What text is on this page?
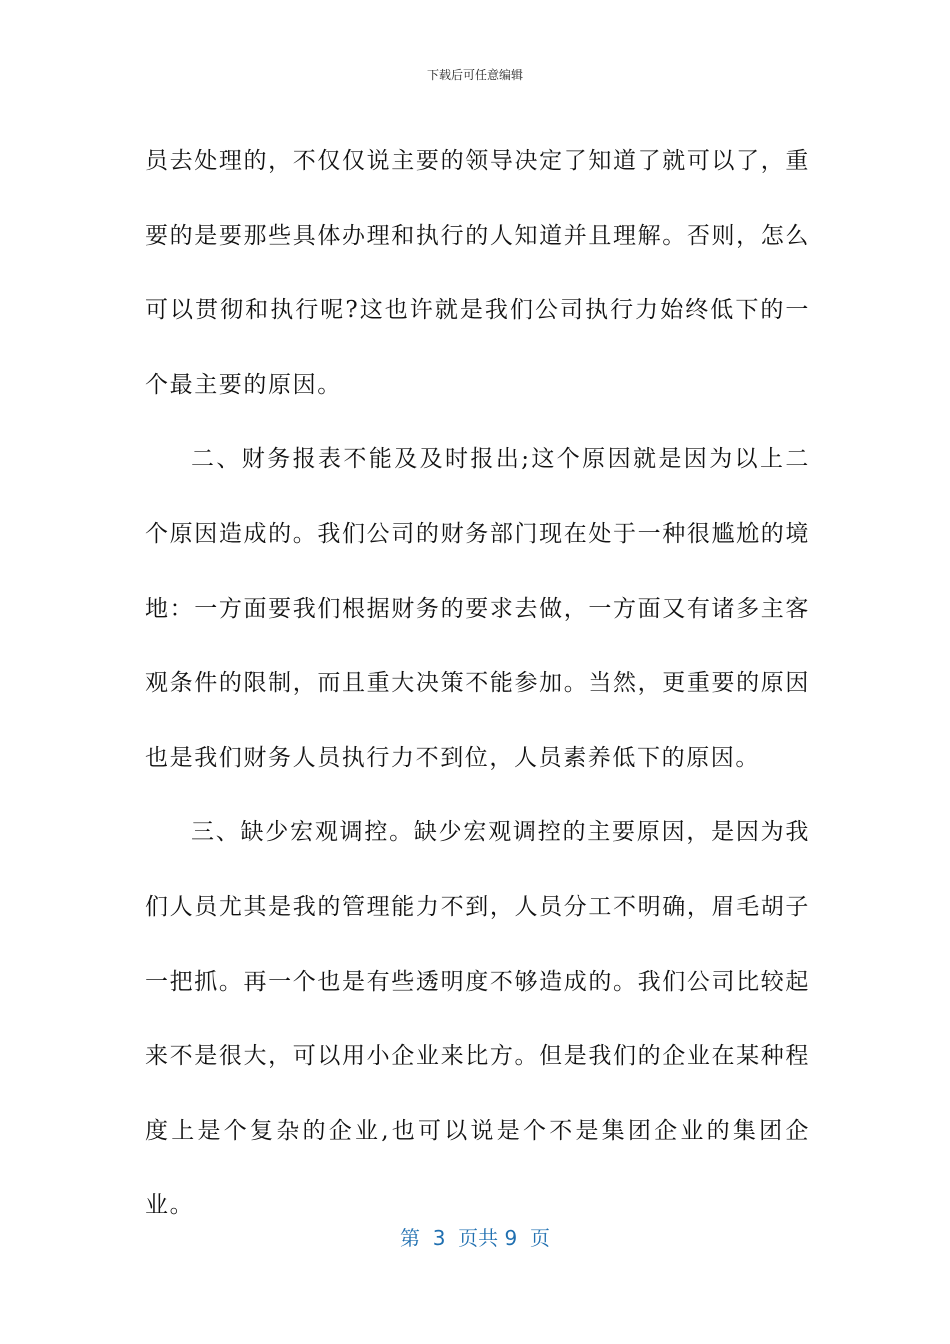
下载后可任意编辑

员去处理的，不仅仅说主要的领导决定了知道了就可以了，重要的是要那些具体办理和执行的人知道并且理解。否则，怎么可以贯彻和执行呢?这也许就是我们公司执行力始终低下的一个最主要的原因。

二、财务报表不能及及时报出;这个原因就是因为以上二个原因造成的。我们公司的财务部门现在处于一种很尴尬的境地：一方面要我们根据财务的要求去做，一方面又有诸多主客观条件的限制，而且重大决策不能参加。当然，更重要的原因也是我们财务人员执行力不到位，人员素养低下的原因。

三、缺少宏观调控。缺少宏观调控的主要原因，是因为我们人员尤其是我的管理能力不到，人员分工不明确，眉毛胡子一把抓。再一个也是有些透明度不够造成的。我们公司比较起来不是很大，可以用小企业来比方。但是我们的企业在某种程度上是个复杂的企业,也可以说是个不是集团企业的集团企业。

第  3  页共 9  页
